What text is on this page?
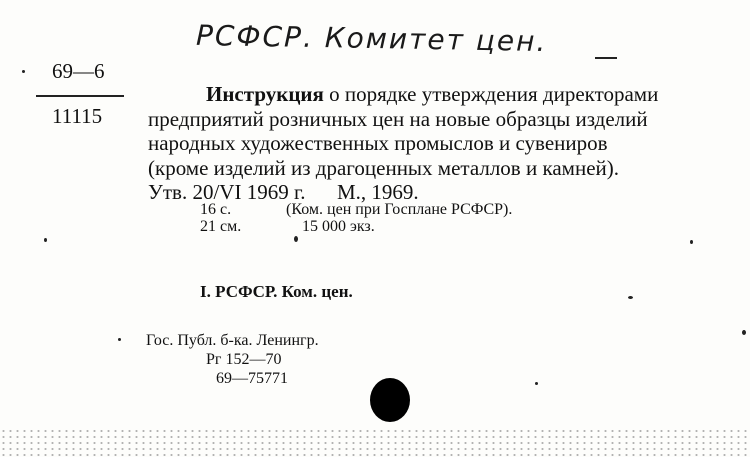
РСФСР. Комитет цен.
69—6
11115
Инструкция о порядке утверждения директорами
предприятий розничных цен на новые образцы изделий
народных художественных промыслов и сувениров
(кроме изделий из драгоценных металлов и камней).
Утв. 20/VI 1969 г.      М., 1969.
16 с.	(Ком. цен при Госплане РСФСР).
21 см.	15 000 экз.
I. РСФСР. Ком. цен.
Гос. Публ. б-ка. Ленингр.
Рг 152—70
69—75771
